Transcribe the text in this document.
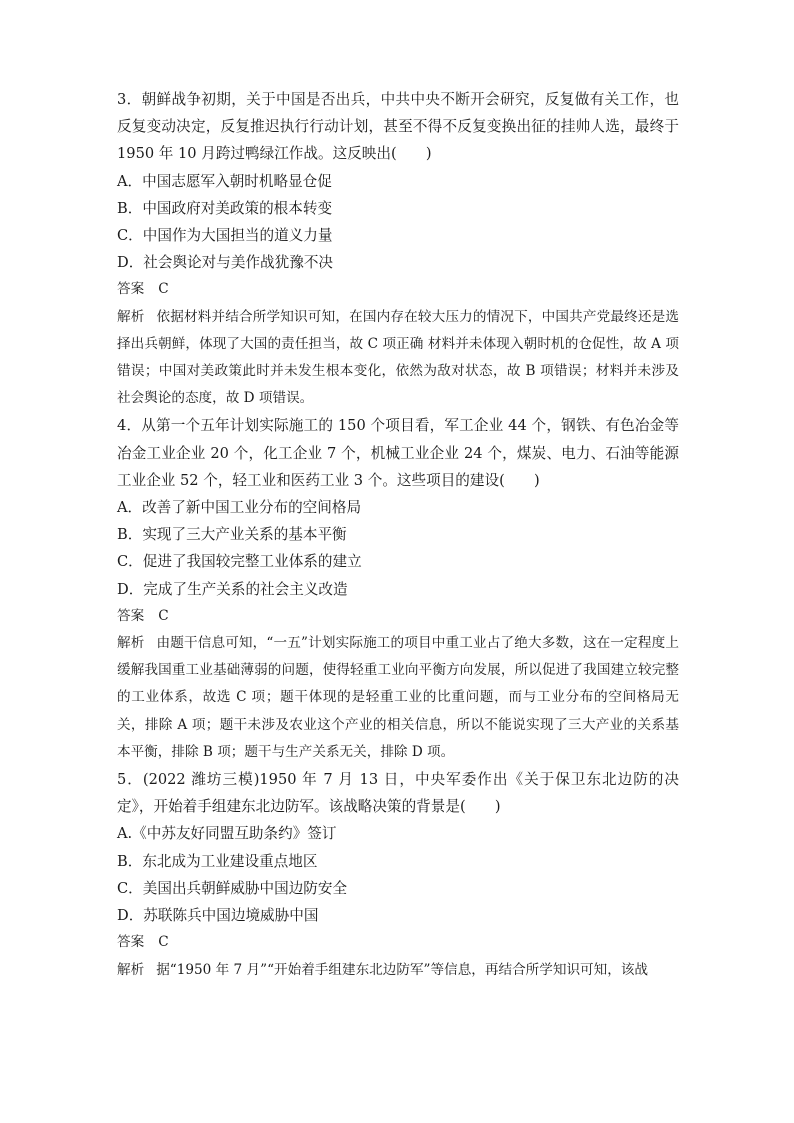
3．朝鲜战争初期，关于中国是否出兵，中共中央不断开会研究，反复做有关工作，也反复变动决定，反复推迟执行行动计划，甚至不得不反复变换出征的挂帅人选，最终于 1950 年 10 月跨过鸭绿江作战。这反映出(　　)

A．中国志愿军入朝时机略显仓促

B．中国政府对美政策的根本转变

C．中国作为大国担当的道义力量

D．社会舆论对与美作战犹豫不决

答案 C

解析 依据材料并结合所学知识可知，在国内存在较大压力的情况下，中国共产党最终还是选择出兵朝鲜，体现了大国的责任担当，故 C 项正确 材料并未体现入朝时机的仓促性，故 A 项错误；中国对美政策此时并未发生根本变化，依然为敌对状态，故 B 项错误；材料并未涉及社会舆论的态度，故 D 项错误。

4．从第一个五年计划实际施工的 150 个项目看，军工企业 44 个，钢铁、有色冶金等冶金工业企业 20 个，化工企业 7 个，机械工业企业 24 个，煤炭、电力、石油等能源工业企业 52 个，轻工业和医药工业 3 个。这些项目的建设(　　)

A．改善了新中国工业分布的空间格局

B．实现了三大产业关系的基本平衡

C．促进了我国较完整工业体系的建立

D．完成了生产关系的社会主义改造

答案 C

解析 由题干信息可知，“一五”计划实际施工的项目中重工业占了绝大多数，这在一定程度上缓解我国重工业基础薄弱的问题，使得轻重工业向平衡方向发展，所以促进了我国建立较完整的工业体系，故选 C 项；题干体现的是轻重工业的比重问题，而与工业分布的空间格局无关，排除 A 项；题干未涉及农业这个产业的相关信息，所以不能说实现了三大产业的关系基本平衡，排除 B 项；题干与生产关系无关，排除 D 项。

5．(2022 潍坊三模)1950 年 7 月 13 日，中央军委作出《关于保卫东北边防的决定》，开始着手组建东北边防军。该战略决策的背景是(　　)

A.《中苏友好同盟互助条约》签订

B．东北成为工业建设重点地区

C．美国出兵朝鲜威胁中国边防安全

D．苏联陈兵中国边境威胁中国

答案 C

解析 据“1950 年 7 月”“开始着手组建东北边防军”等信息，再结合所学知识可知，该战
